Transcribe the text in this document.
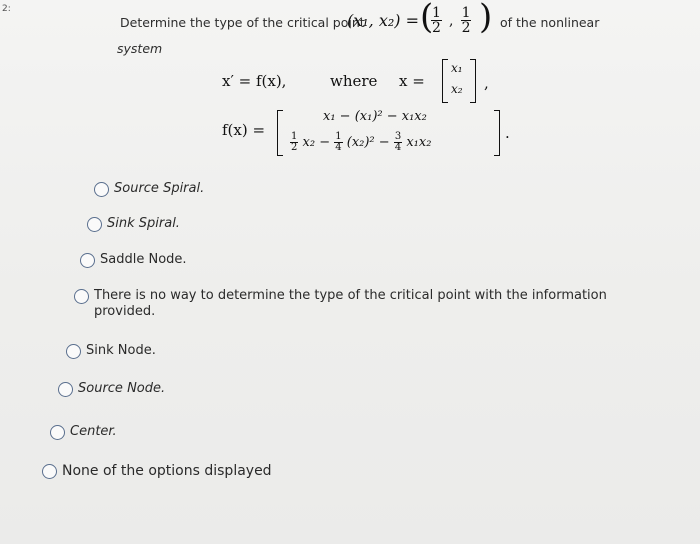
2:
Determine the type of the critical point
(x₁, x₂) = (
$\frac{1}{2}$ , $\frac{1}{2}$ ) of the nonlinear
system
x′ = f(x),	where x =
x₁
x₂ ,
f(x) =
x₁ − (x₁)² − x₁x₂
$\frac{1}{2} x_2 - \frac{1}{4} (x_2)^2 - \frac{3}{4} x_1x_2$
.
Source Spiral.
Sink Spiral.
Saddle Node.
There is no way to determine the type of the critical point with the information provided.
Sink Node.
Source Node.
Center.
None of the options displayed
